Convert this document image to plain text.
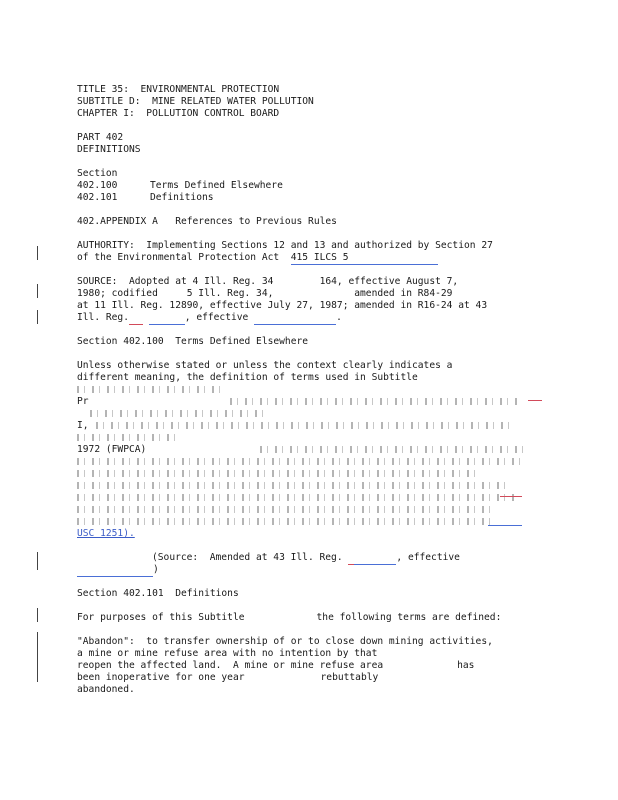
TITLE 35:  ENVIRONMENTAL PROTECTION
SUBTITLE D:  MINE RELATED WATER POLLUTION
CHAPTER I:  POLLUTION CONTROL BOARD
PART 402
DEFINITIONS
Section
402.100	Terms Defined Elsewhere
402.101	Definitions
402.APPENDIX A   References to Previous Rules
AUTHORITY:  Implementing Sections 12 and 13 and authorized by Section 27
of the Environmental Protection Act  415 ILCS 5
SOURCE:  Adopted at 4 Ill. Reg. 34        164, effective August 7,
1980; codified     5 Ill. Reg. 34,              amended in R84-29
at 11 Ill. Reg. 12890, effective July 27, 1987; amended in R16-24 at 43
Ill. Reg.	, effective	.
Section 402.100  Terms Defined Elsewhere
Unless otherwise stated or unless the context clearly indicates a
different meaning, the definition of terms used in Subtitle
Pr
I,
1972 (FWPCA)
USC 1251).
(Source:  Amended at 43 Ill. Reg.	, effective
)
Section 402.101  Definitions
For purposes of this Subtitle	the following terms are defined:
"Abandon":  to transfer ownership of or to close down mining activities,
a mine or mine refuse area with no intention by that
reopen the affected land.  A mine or mine refuse area	has
been inoperative for one year	rebuttably
abandoned.
